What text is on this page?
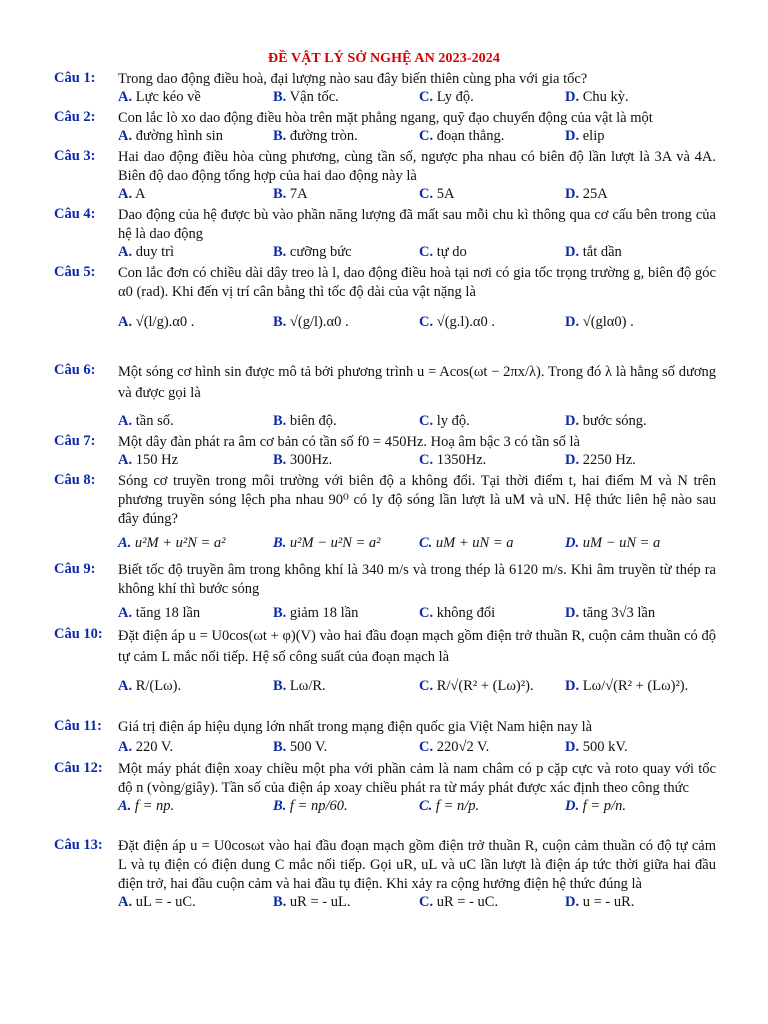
ĐỀ VẬT LÝ SỞ NGHỆ AN 2023-2024
Câu 1: Trong dao động điều hoà, đại lượng nào sau đây biến thiên cùng pha với gia tốc?
A. Lực kéo về	B. Vận tốc.	C. Ly độ.	D. Chu kỳ.
Câu 2: Con lắc lò xo dao động điều hòa trên mặt phẳng ngang, quỹ đạo chuyển động của vật là một
A. đường hình sin	B. đường tròn.	C. đoạn thẳng.	D. elip
Câu 3: Hai dao động điều hòa cùng phương, cùng tần số, ngược pha nhau có biên độ lần lượt là 3A và 4A. Biên độ dao động tổng hợp của hai dao động này là
A. A	B. 7A	C. 5A	D. 25A
Câu 4: Dao động của hệ được bù vào phần năng lượng đã mất sau mỗi chu kì thông qua cơ cấu bên trong của hệ là dao động
A. duy trì	B. cưỡng bức	C. tự do	D. tắt dần
Câu 5: Con lắc đơn có chiều dài dây treo là l, dao động điều hoà tại nơi có gia tốc trọng trường g, biên độ góc α0 (rad). Khi đến vị trí cân bằng thì tốc độ dài của vật nặng là
A. √(l/g).α0 .	B. √(g/l).α0 .	C. √(g.l).α0 .	D. √(glα0) .
Câu 6: Một sóng cơ hình sin được mô tả bởi phương trình u = Acos(ωt − 2πx/λ). Trong đó λ là hằng số dương và được gọi là
A. tần số.	B. biên độ.	C. ly độ.	D. bước sóng.
Câu 7: Một dây đàn phát ra âm cơ bản có tần số f0 = 450Hz. Hoạ âm bậc 3 có tần số là
A. 150 Hz	B. 300Hz.	C. 1350Hz.	D. 2250 Hz.
Câu 8: Sóng cơ truyền trong môi trường với biên độ a không đổi. Tại thời điểm t, hai điểm M và N trên phương truyền sóng lệch pha nhau 90⁰ có ly độ sóng lần lượt là uM và uN. Hệ thức liên hệ nào sau đây đúng?
A. u²M + u²N = a²	B. u²M − u²N = a²	C. uM + uN = a	D. uM − uN = a
Câu 9: Biết tốc độ truyền âm trong không khí là 340 m/s và trong thép là 6120 m/s. Khi âm truyền từ thép ra không khí thì bước sóng
A. tăng 18 lần	B. giảm 18 lần	C. không đổi	D. tăng 3√3 lần
Câu 10: Đặt điện áp u = U0cos(ωt + φ)(V) vào hai đầu đoạn mạch gồm điện trở thuần R, cuộn cảm thuần có độ tự cảm L mắc nối tiếp. Hệ số công suất của đoạn mạch là
A. R/(Lω).	B. Lω/R.	C. R/√(R² + (Lω)²). D. Lω/√(R² + (Lω)²).
Câu 11: Giá trị điện áp hiệu dụng lớn nhất trong mạng điện quốc gia Việt Nam hiện nay là
A. 220 V.	B. 500 V.	C. 220√2 V.	D. 500 kV.
Câu 12: Một máy phát điện xoay chiều một pha với phần cảm là nam châm có p cặp cực và roto quay với tốc độ n (vòng/giây). Tần số của điện áp xoay chiều phát ra từ máy phát được xác định theo công thức
A. f = np.	B. f = np/60.	C. f = n/p.	D. f = p/n.
Câu 13: Đặt điện áp u = U0cosωt vào hai đầu đoạn mạch gồm điện trở thuần R, cuộn cảm thuần có độ tự cảm L và tụ điện có điện dung C mắc nối tiếp. Gọi uR, uL và uC lần lượt là điện áp tức thời giữa hai đầu điện trở, hai đầu cuộn cảm và hai đầu tụ điện. Khi xảy ra cộng hưởng điện hệ thức đúng là
A. uL = - uC.	B. uR = - uL.	C. uR = - uC.	D. u = - uR.
